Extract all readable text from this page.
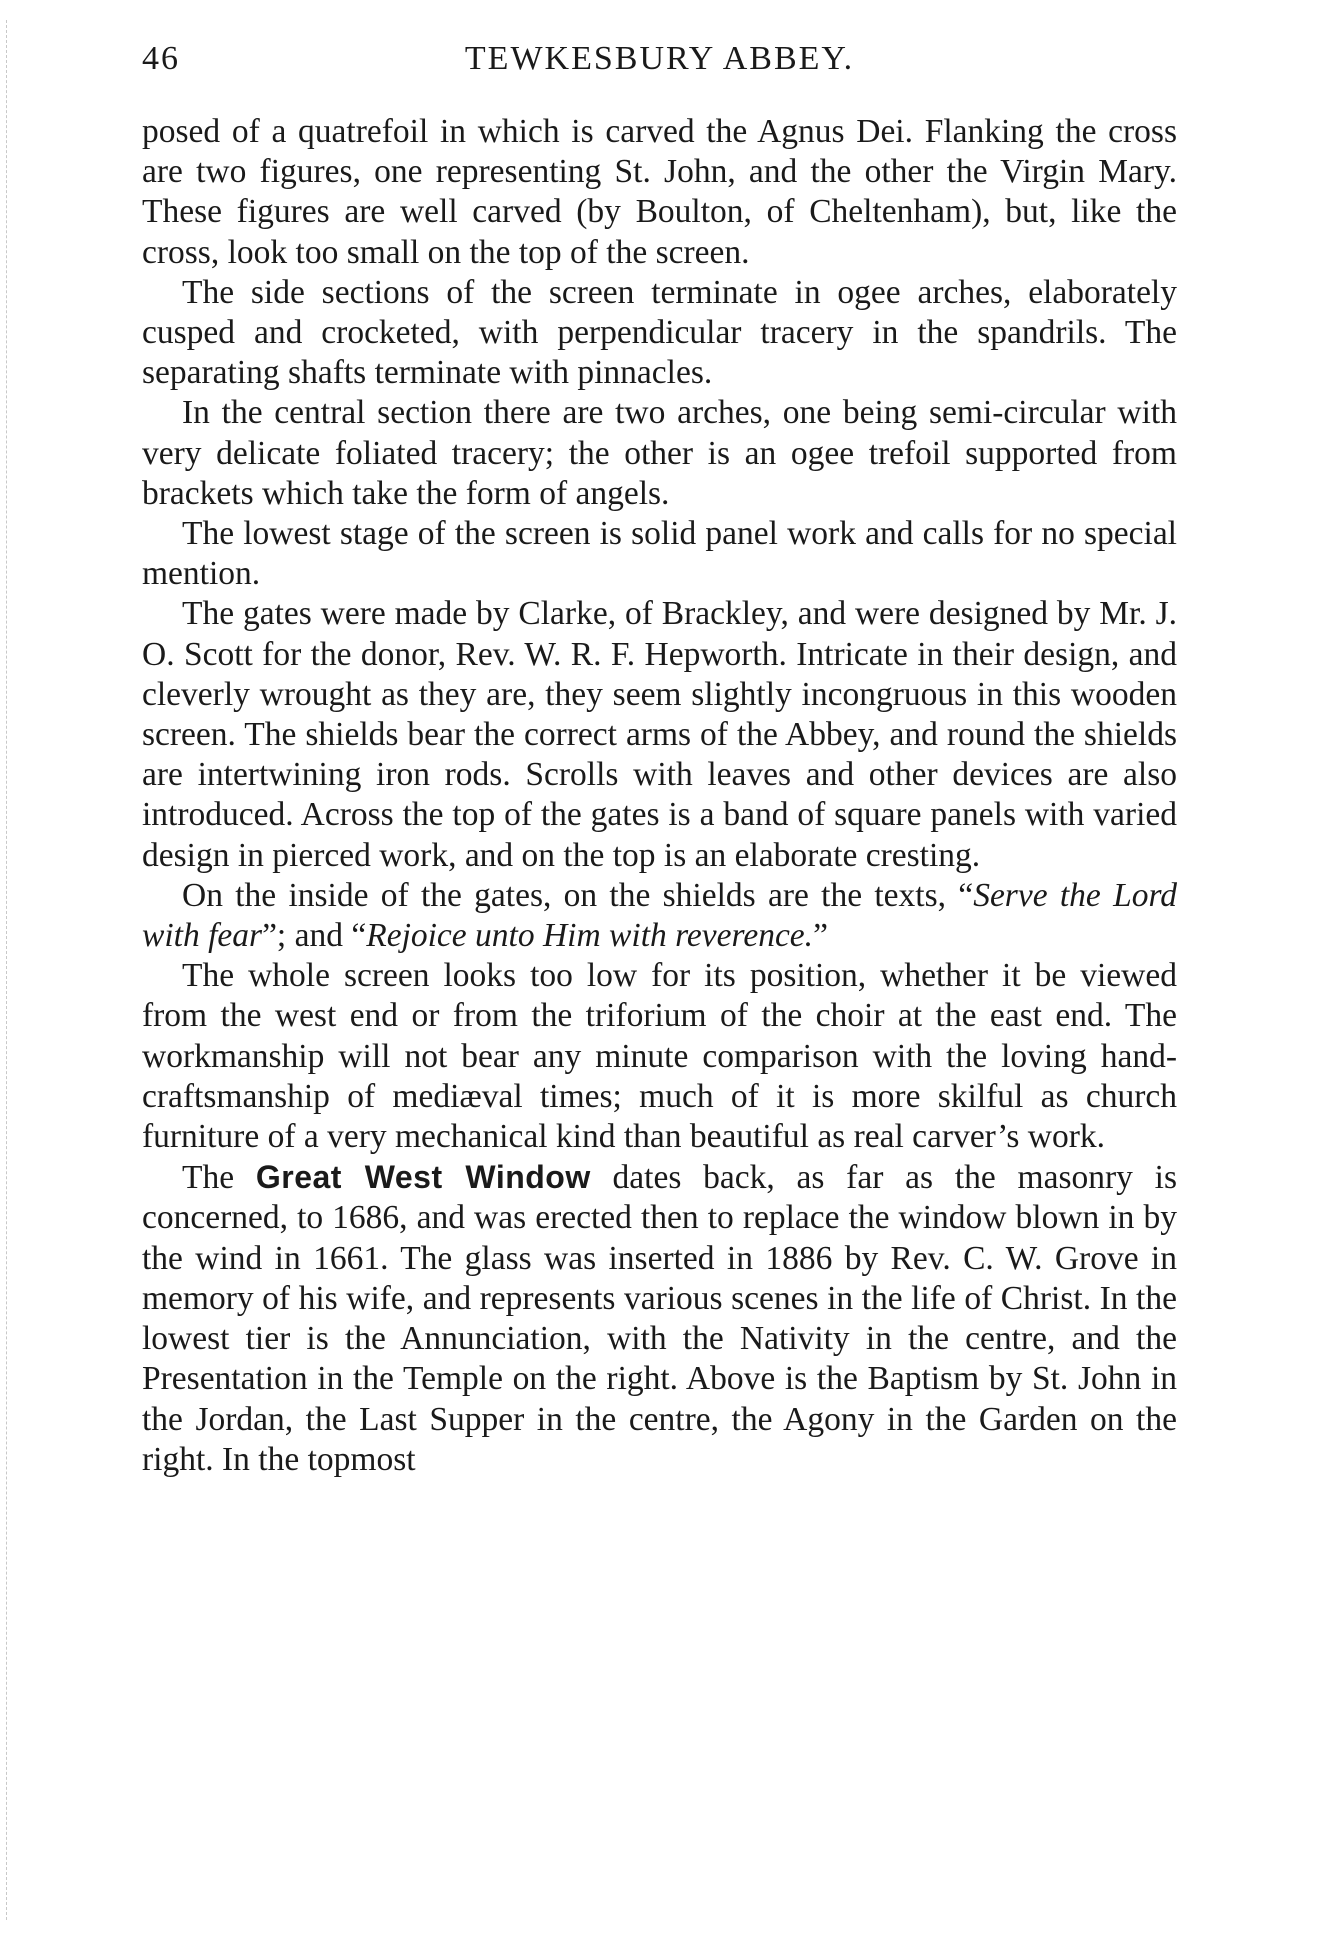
46	TEWKESBURY ABBEY.

posed of a quatrefoil in which is carved the Agnus Dei. Flanking the cross are two figures, one representing St. John, and the other the Virgin Mary. These figures are well carved (by Boulton, of Cheltenham), but, like the cross, look too small on the top of the screen.

The side sections of the screen terminate in ogee arches, elaborately cusped and crocketed, with perpendicular tracery in the spandrils. The separating shafts terminate with pinnacles.

In the central section there are two arches, one being semi-circular with very delicate foliated tracery; the other is an ogee trefoil supported from brackets which take the form of angels.

The lowest stage of the screen is solid panel work and calls for no special mention.

The gates were made by Clarke, of Brackley, and were designed by Mr. J. O. Scott for the donor, Rev. W. R. F. Hepworth. Intricate in their design, and cleverly wrought as they are, they seem slightly incongruous in this wooden screen. The shields bear the correct arms of the Abbey, and round the shields are intertwining iron rods. Scrolls with leaves and other devices are also introduced. Across the top of the gates is a band of square panels with varied design in pierced work, and on the top is an elaborate cresting.

On the inside of the gates, on the shields are the texts, “Serve the Lord with fear”; and “Rejoice unto Him with reverence.”

The whole screen looks too low for its position, whether it be viewed from the west end or from the triforium of the choir at the east end. The workmanship will not bear any minute comparison with the loving hand-craftsmanship of mediæval times; much of it is more skilful as church furniture of a very mechanical kind than beautiful as real carver’s work.

The Great West Window dates back, as far as the masonry is concerned, to 1686, and was erected then to replace the window blown in by the wind in 1661. The glass was inserted in 1886 by Rev. C. W. Grove in memory of his wife, and represents various scenes in the life of Christ. In the lowest tier is the Annunciation, with the Nativity in the centre, and the Presentation in the Temple on the right. Above is the Baptism by St. John in the Jordan, the Last Supper in the centre, the Agony in the Garden on the right. In the topmost
